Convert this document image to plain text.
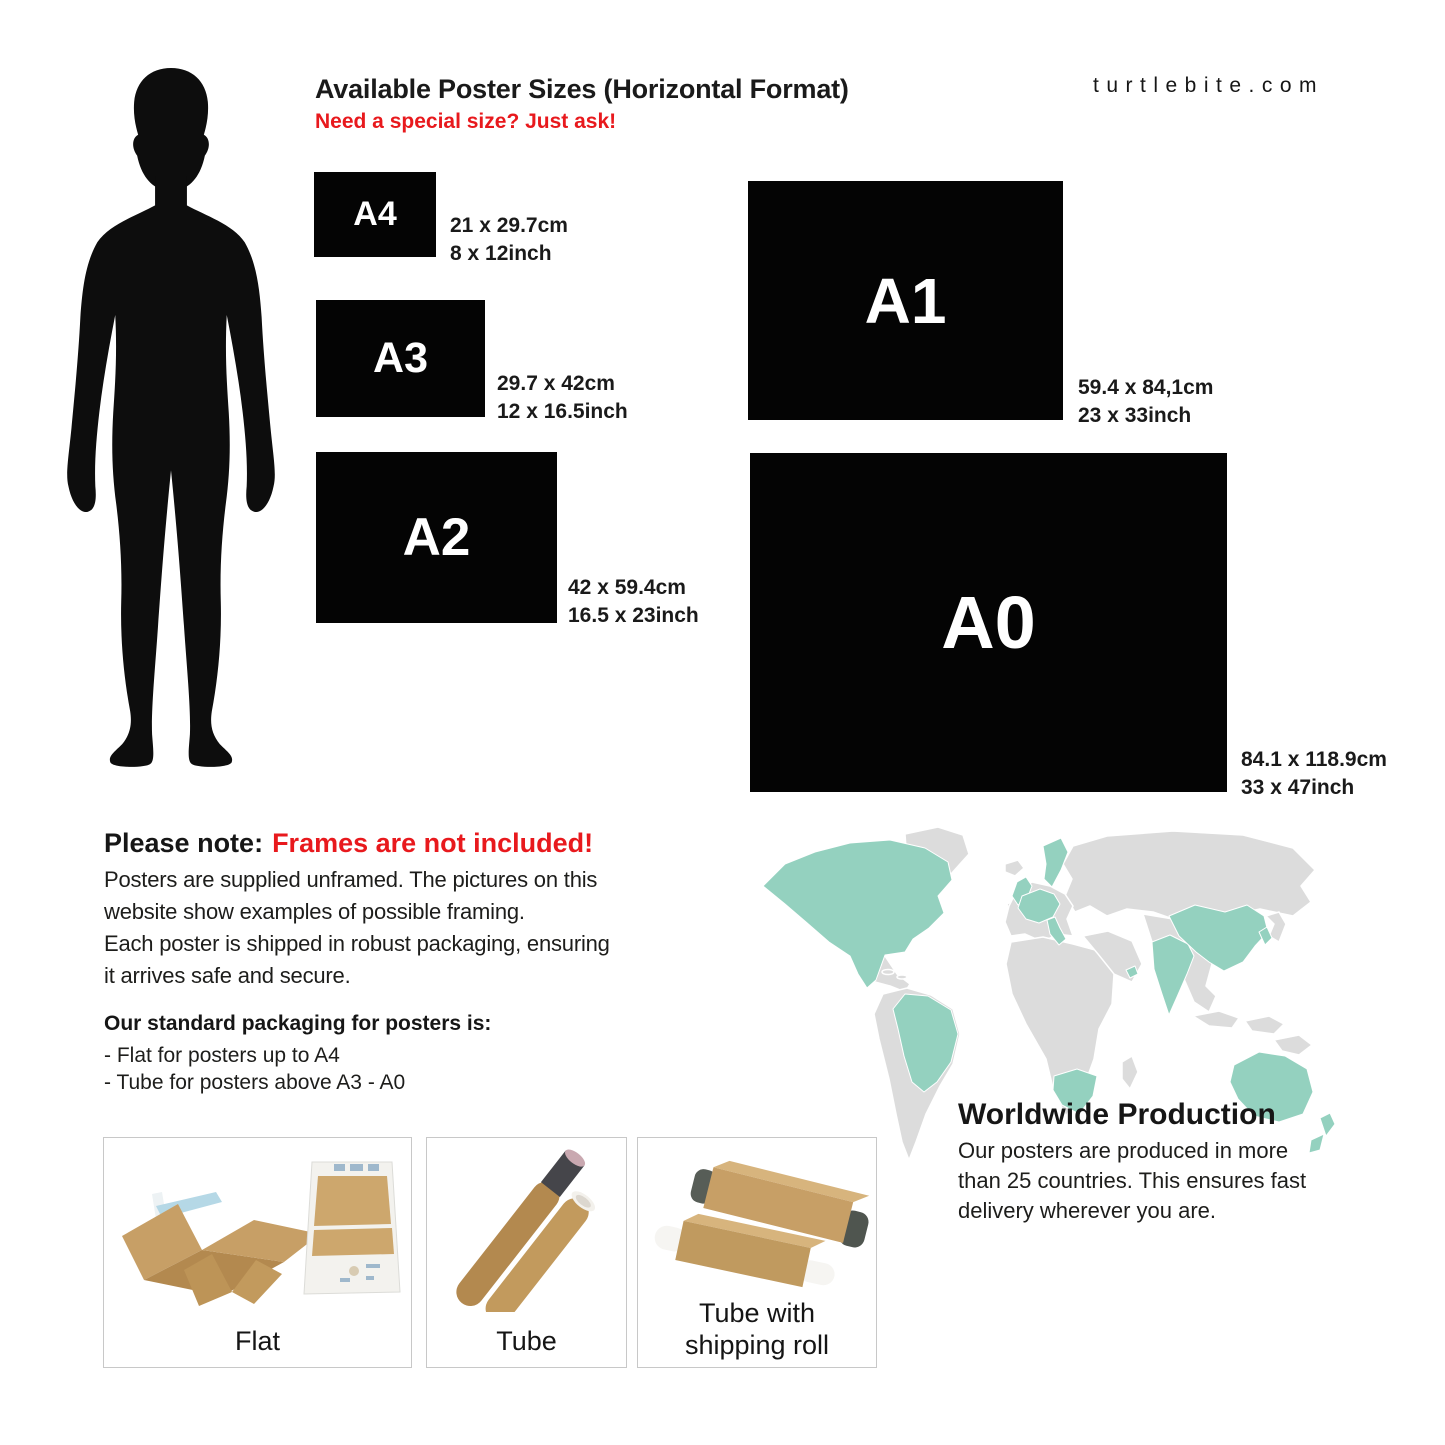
Available Poster Sizes (Horizontal Format)
Need a special size? Just ask!
turtlebite.com
A4	21 x 29.7cm
8 x 12inch
A3
29.7 x 42cm
12 x 16.5inch
A2
42 x 59.4cm
16.5 x 23inch
A1
59.4 x 84,1cm
23 x 33inch
A0
84.1 x 118.9cm
33 x 47inch
Please note: Frames are not included!
Posters are supplied unframed. The pictures on this
website show examples of possible framing.
Each poster is shipped in robust packaging, ensuring
it arrives safe and secure.
Our standard packaging for posters is:
- Flat for posters up to A4
- Tube for posters above A3 - A0
Worldwide Production
Our posters are produced in more
than 25 countries. This ensures fast
delivery wherever you are.
Flat	Tube
Tube with
shipping roll
